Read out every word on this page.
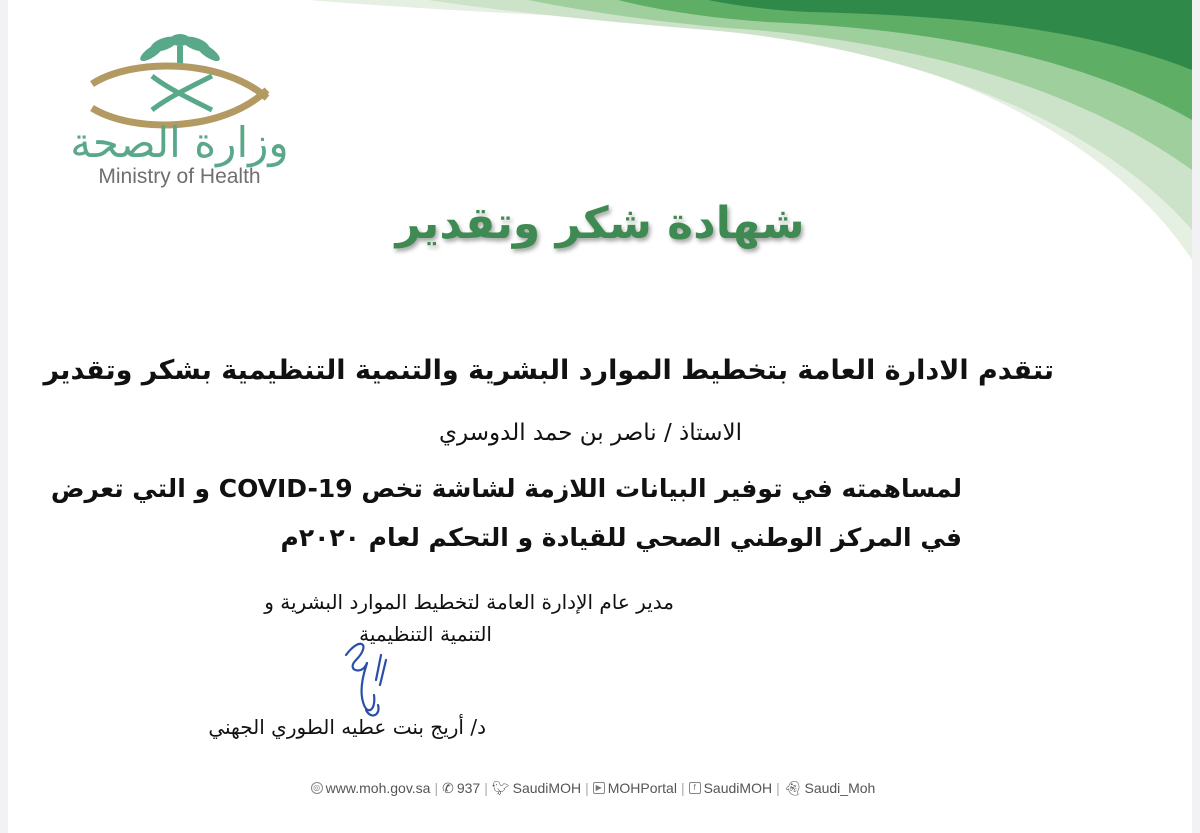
وزارة الصحة
Ministry of Health
شهادة شكر وتقدير
تتقدم الادارة العامة بتخطيط الموارد البشرية والتنمية التنظيمية بشكر وتقدير
الاستاذ / ناصر بن حمد الدوسري
لمساهمته في توفير البيانات اللازمة لشاشة تخص COVID-19 و التي تعرض
في المركز الوطني الصحي للقيادة و التحكم لعام ٢٠٢٠م
مدير عام الإدارة العامة لتخطيط الموارد البشرية و
التنمية التنظيمية
د/ أريج بنت عطيه الطوري الجهني
◎ www.moh.gov.sa | ✆ 937 | 🐦︎ SaudiMOH | ▶ MOHPortal |	f SaudiMOH | 👻︎ Saudi_Moh
